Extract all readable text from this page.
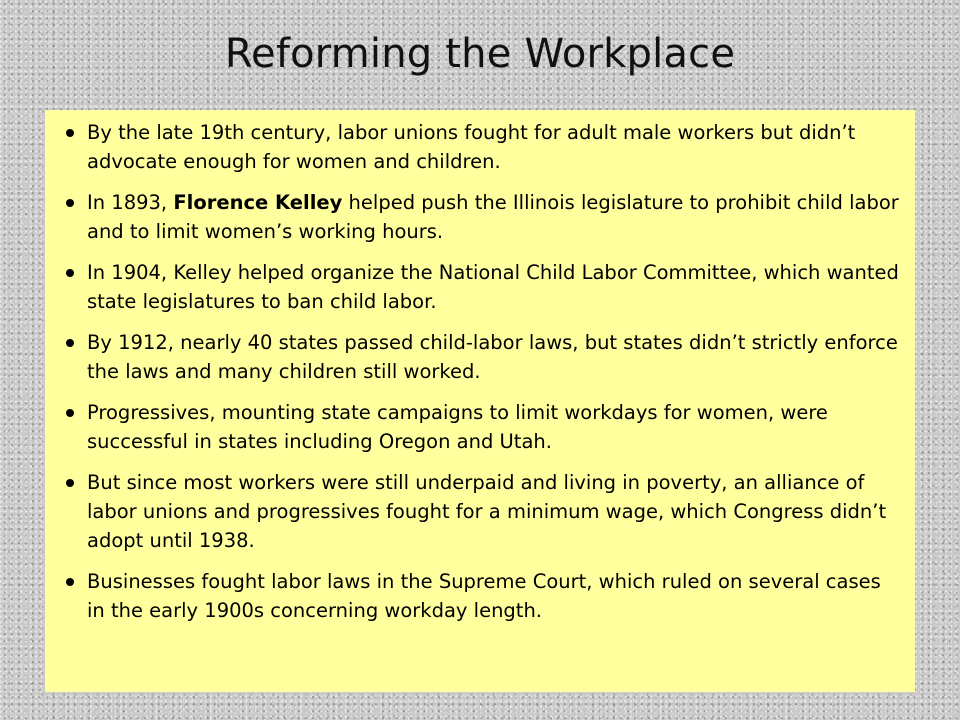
Reforming the Workplace
By the late 19th century, labor unions fought for adult male workers but didn’t advocate enough for women and children.
In 1893, Florence Kelley helped push the Illinois legislature to prohibit child labor and to limit women’s working hours.
In 1904, Kelley helped organize the National Child Labor Committee, which wanted state legislatures to ban child labor.
By 1912, nearly 40 states passed child-labor laws, but states didn’t strictly enforce the laws and many children still worked.
Progressives, mounting state campaigns to limit workdays for women, were successful in states including Oregon and Utah.
But since most workers were still underpaid and living in poverty, an alliance of labor unions and progressives fought for a minimum wage, which Congress didn’t adopt until 1938.
Businesses fought labor laws in the Supreme Court, which ruled on several cases in the early 1900s concerning workday length.
